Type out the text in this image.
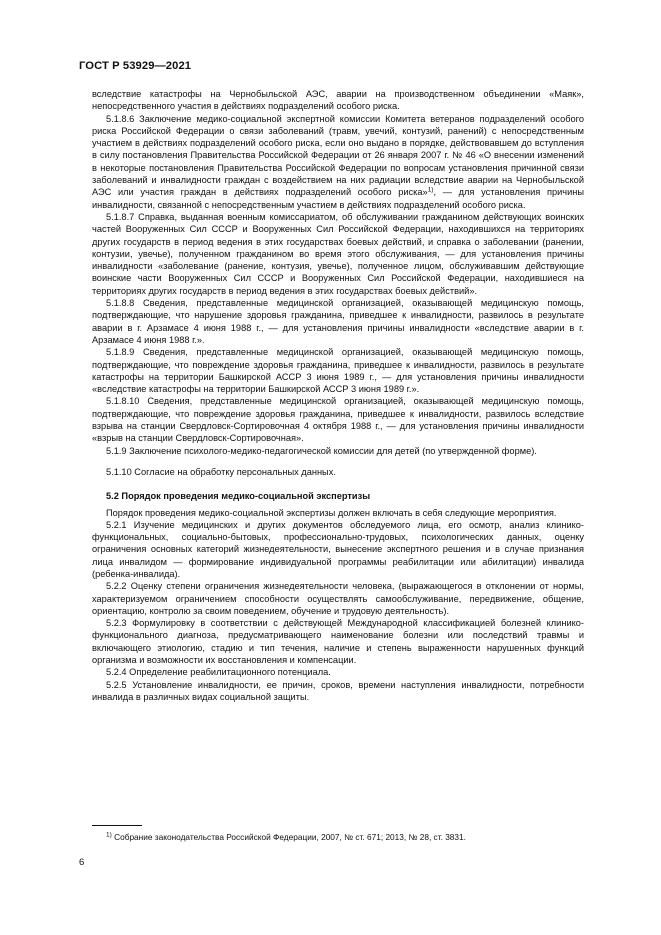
ГОСТ Р 53929—2021

вследствие катастрофы на Чернобыльской АЭС, аварии на производственном объединении «Маяк», непосредственного участия в действиях подразделений особого риска.

5.1.8.6 Заключение медико-социальной экспертной комиссии Комитета ветеранов подразделений особого риска Российской Федерации о связи заболеваний (травм, увечий, контузий, ранений) с непосредственным участием в действиях подразделений особого риска, если оно выдано в порядке, действовавшем до вступления в силу постановления Правительства Российской Федерации от 26 января 2007 г. № 46 «О внесении изменений в некоторые постановления Правительства Российской Федерации по вопросам установления причинной связи заболеваний и инвалидности граждан с воздействием на них радиации вследствие аварии на Чернобыльской АЭС или участия граждан в действиях подразделений особого риска»$^{1)}$, — для установления причины инвалидности, связанной с непосредственным участием в действиях подразделений особого риска.

5.1.8.7 Справка, выданная военным комиссариатом, об обслуживании гражданином действующих воинских частей Вооруженных Сил СССР и Вооруженных Сил Российской Федерации, находившихся на территориях других государств в период ведения в этих государствах боевых действий, и справка о заболевании (ранении, контузии, увечье), полученном гражданином во время этого обслуживания, — для установления причины инвалидности «заболевание (ранение, контузия, увечье), полученное лицом, обслуживавшим действующие воинские части Вооруженных Сил СССР и Вооруженных Сил Российской Федерации, находившиеся на территориях других государств в период ведения в этих государствах боевых действий».

5.1.8.8 Сведения, представленные медицинской организацией, оказывающей медицинскую помощь, подтверждающие, что нарушение здоровья гражданина, приведшее к инвалидности, развилось в результате аварии в г. Арзамасе 4 июня 1988 г., — для установления причины инвалидности «вследствие аварии в г. Арзамасе 4 июня 1988 г.».

5.1.8.9 Сведения, представленные медицинской организацией, оказывающей медицинскую помощь, подтверждающие, что повреждение здоровья гражданина, приведшее к инвалидности, развилось в результате катастрофы на территории Башкирской АССР 3 июня 1989 г., — для установления причины инвалидности «вследствие катастрофы на территории Башкирской АССР 3 июня 1989 г.».

5.1.8.10 Сведения, представленные медицинской организацией, оказывающей медицинскую помощь, подтверждающие, что повреждение здоровья гражданина, приведшее к инвалидности, развилось вследствие взрыва на станции Свердловск-Сортировочная 4 октября 1988 г., — для установления причины инвалидности «взрыв на станции Свердловск-Сортировочная».

5.1.9 Заключение психолого-медико-педагогической комиссии для детей (по утвержденной форме).

5.1.10 Согласие на обработку персональных данных.

5.2 Порядок проведения медико-социальной экспертизы

Порядок проведения медико-социальной экспертизы должен включать в себя следующие мероприятия.

5.2.1 Изучение медицинских и других документов обследуемого лица, его осмотр, анализ клинико-функциональных, социально-бытовых, профессионально-трудовых, психологических данных, оценку ограничения основных категорий жизнедеятельности, вынесение экспертного решения и в случае признания лица инвалидом — формирование индивидуальной программы реабилитации или абилитации) инвалида (ребенка-инвалида).

5.2.2 Оценку степени ограничения жизнедеятельности человека, (выражающегося в отклонении от нормы, характеризуемом ограничением способности осуществлять самообслуживание, передвижение, общение, ориентацию, контролю за своим поведением, обучение и трудовую деятельность).

5.2.3 Формулировку в соответствии с действующей Международной классификацией болезней клинико-функционального диагноза, предусматривающего наименование болезни или последствий травмы и включающего этиологию, стадию и тип течения, наличие и степень выраженности нарушенных функций организма и возможности их восстановления и компенсации.

5.2.4 Определение реабилитационного потенциала.

5.2.5 Установление инвалидности, ее причин, сроков, времени наступления инвалидности, потребности инвалида в различных видах социальной защиты.

$^{1)}$ Собрание законодательства Российской Федерации, 2007, № ст. 671; 2013, № 28, ст. 3831.
6
